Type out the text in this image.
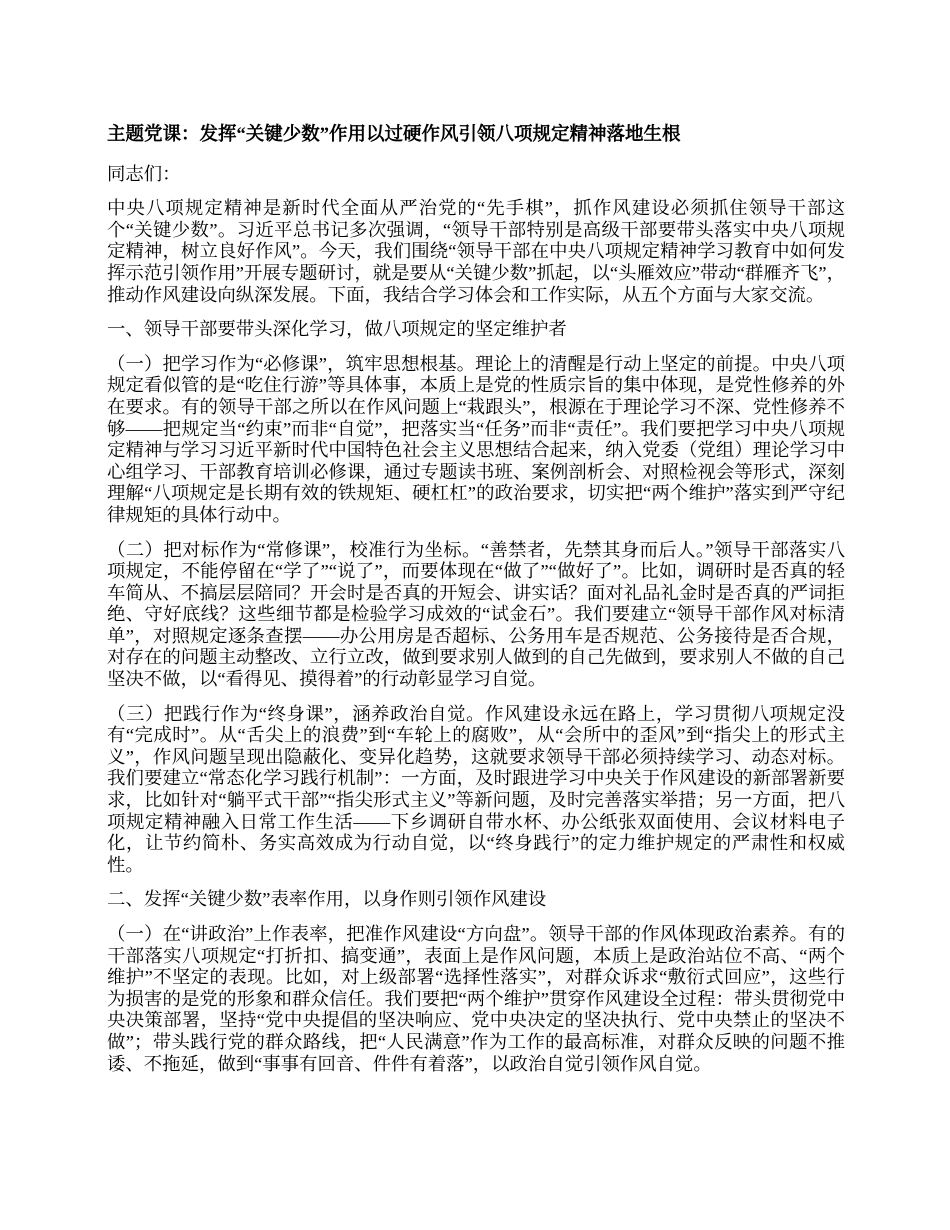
主题党课：发挥“关键少数”作用以过硬作风引领八项规定精神落地生根

同志们：

中央八项规定精神是新时代全面从严治党的“先手棋”，抓作风建设必须抓住领导干部这个“关键少数”。习近平总书记多次强调，“领导干部特别是高级干部要带头落实中央八项规定精神，树立良好作风”。今天，我们围绕“领导干部在中央八项规定精神学习教育中如何发挥示范引领作用”开展专题研讨，就是要从“关键少数”抓起，以“头雁效应”带动“群雁齐飞”，推动作风建设向纵深发展。下面，我结合学习体会和工作实际，从五个方面与大家交流。

一、领导干部要带头深化学习，做八项规定的坚定维护者

（一）把学习作为“必修课”，筑牢思想根基。理论上的清醒是行动上坚定的前提。中央八项规定看似管的是“吃住行游”等具体事，本质上是党的性质宗旨的集中体现，是党性修养的外在要求。有的领导干部之所以在作风问题上“栽跟头”，根源在于理论学习不深、党性修养不够——把规定当“约束”而非“自觉”，把落实当“任务”而非“责任”。我们要把学习中央八项规定精神与学习习近平新时代中国特色社会主义思想结合起来，纳入党委（党组）理论学习中心组学习、干部教育培训必修课，通过专题读书班、案例剖析会、对照检视会等形式，深刻理解“八项规定是长期有效的铁规矩、硬杠杠”的政治要求，切实把“两个维护”落实到严守纪律规矩的具体行动中。

（二）把对标作为“常修课”，校准行为坐标。“善禁者，先禁其身而后人。”领导干部落实八项规定，不能停留在“学了”“说了”，而要体现在“做了”“做好了”。比如，调研时是否真的轻车简从、不搞层层陪同？开会时是否真的开短会、讲实话？面对礼品礼金时是否真的严词拒绝、守好底线？这些细节都是检验学习成效的“试金石”。我们要建立“领导干部作风对标清单”，对照规定逐条查摆——办公用房是否超标、公务用车是否规范、公务接待是否合规，对存在的问题主动整改、立行立改，做到要求别人做到的自己先做到，要求别人不做的自己坚决不做，以“看得见、摸得着”的行动彰显学习自觉。

（三）把践行作为“终身课”，涵养政治自觉。作风建设永远在路上，学习贯彻八项规定没有“完成时”。从“舌尖上的浪费”到“车轮上的腐败”，从“会所中的歪风”到“指尖上的形式主义”，作风问题呈现出隐蔽化、变异化趋势，这就要求领导干部必须持续学习、动态对标。我们要建立“常态化学习践行机制”：一方面，及时跟进学习中央关于作风建设的新部署新要求，比如针对“躺平式干部”“指尖形式主义”等新问题，及时完善落实举措；另一方面，把八项规定精神融入日常工作生活——下乡调研自带水杯、办公纸张双面使用、会议材料电子化，让节约简朴、务实高效成为行动自觉，以“终身践行”的定力维护规定的严肃性和权威性。

二、发挥“关键少数”表率作用，以身作则引领作风建设

（一）在“讲政治”上作表率，把准作风建设“方向盘”。领导干部的作风体现政治素养。有的干部落实八项规定“打折扣、搞变通”，表面上是作风问题，本质上是政治站位不高、“两个维护”不坚定的表现。比如，对上级部署“选择性落实”，对群众诉求“敷衍式回应”，这些行为损害的是党的形象和群众信任。我们要把“两个维护”贯穿作风建设全过程：带头贯彻党中央决策部署，坚持“党中央提倡的坚决响应、党中央决定的坚决执行、党中央禁止的坚决不做”；带头践行党的群众路线，把“人民满意”作为工作的最高标准，对群众反映的问题不推诿、不拖延，做到“事事有回音、件件有着落”，以政治自觉引领作风自觉。
